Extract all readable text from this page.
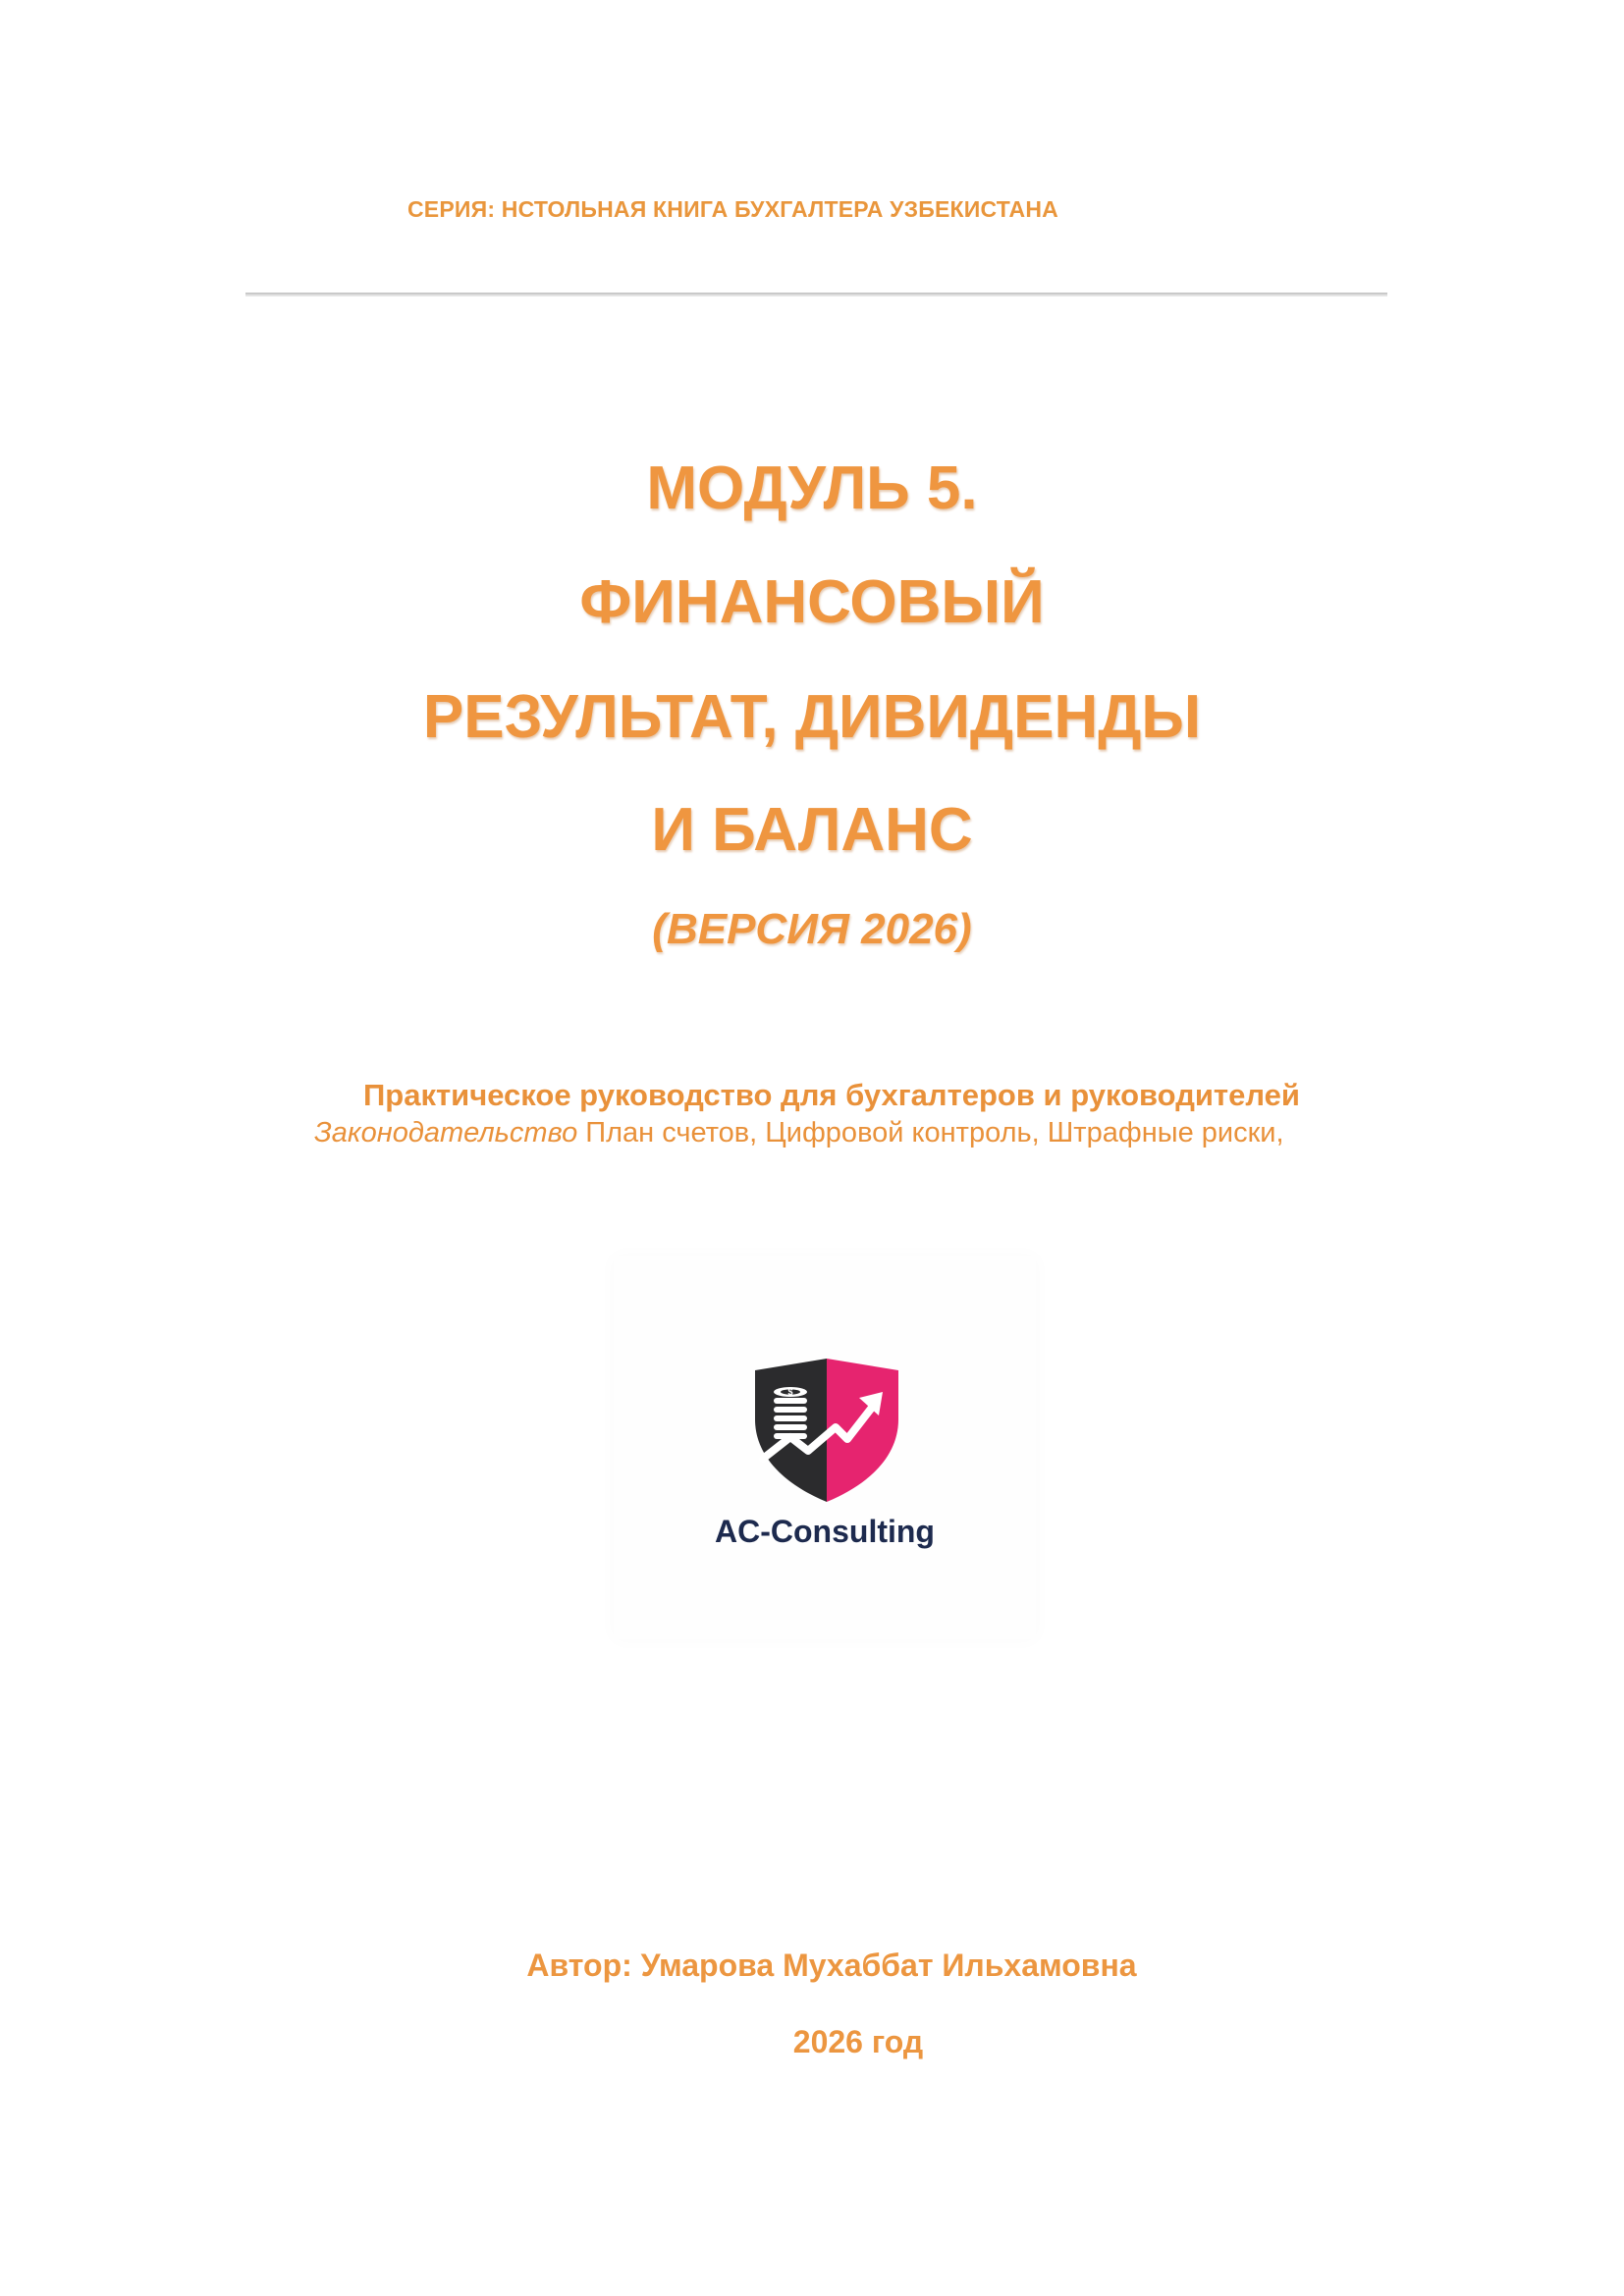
СЕРИЯ: НСТОЛЬНАЯ КНИГА БУХГАЛТЕРА УЗБЕКИСТАНА
МОДУЛЬ 5.
ФИНАНСОВЫЙ
РЕЗУЛЬТАТ, ДИВИДЕНДЫ
И БАЛАНС
(ВЕРСИЯ 2026)
Практическое руководство для бухгалтеров и руководителей
Законодательство План счетов, Цифровой контроль, Штрафные риски,
$
AC-Consulting
Автор: Умарова Мухаббат Ильхамовна
2026 год
